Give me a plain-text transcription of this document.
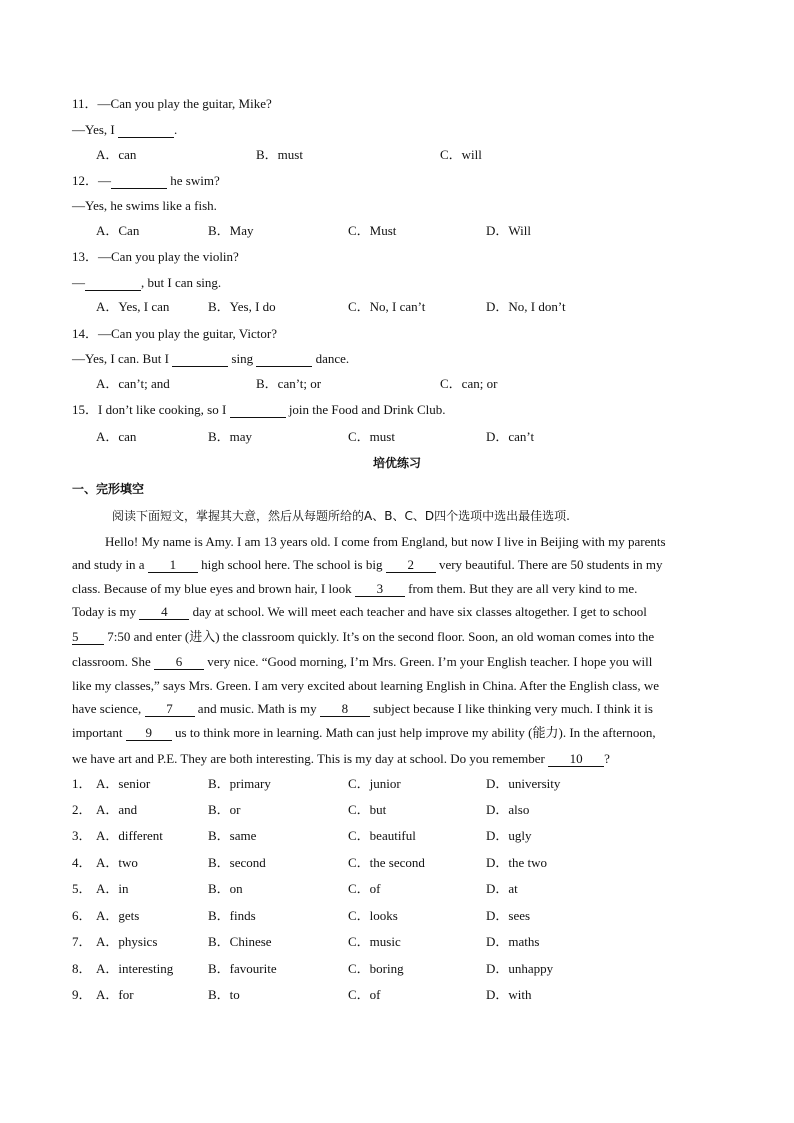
11．—Can you play the guitar, Mike?
—Yes, I	.
A．can	B．must	C．will
12．—	he swim?
—Yes, he swims like a fish.
A．Can	B．May	C．Must	D．Will
13．—Can you play the violin?
—	, but I can sing.
A．Yes, I can	B．Yes, I do	C．No, I can’t	D．No, I don’t
14．—Can you play the guitar, Victor?
—Yes, I can. But I	sing	dance.
A．can’t; and	B．can’t; or	C．can; or
15．I don’t like cooking, so I	join the Food and Drink Club.
A．can	B．may	C．must	D．can’t
培优练习
一、完形填空
阅读下面短文，掌握其大意，然后从每题所给的A、B、C、D四个选项中选出最佳选项.
Hello! My name is Amy. I am 13 years old. I come from England, but now I live in Beijing with my parents
and study in a 1 high school here. The school is big 2 very beautiful. There are 50 students in my
class. Because of my blue eyes and brown hair, I look 3 from them. But they are all very kind to me.
Today is my 4 day at school. We will meet each teacher and have six classes altogether. I get to school
5 7:50 and enter (进入) the classroom quickly. It’s on the second floor. Soon, an old woman comes into the
classroom. She 6 very nice. “Good morning, I’m Mrs. Green. I’m your English teacher. I hope you will
like my classes,” says Mrs. Green. I am very excited about learning English in China. After the English class, we
have science, 7 and music. Math is my 8 subject because I like thinking very much. I think it is
important 9 us to think more in learning. Math can just help improve my ability (能力). In the afternoon,
we have art and P.E. They are both interesting. This is my day at school. Do you remember 10 ?
1． A．senior	B．primary	C．junior	D．university
2． A．and	B．or	C．but	D．also
3． A．different	B．same	C．beautiful	D．ugly
4． A．two	B．second	C．the second	D．the two
5． A．in	B．on	C．of	D．at
6． A．gets	B．finds	C．looks	D．sees
7． A．physics	B．Chinese	C．music	D．maths
8． A．interesting	B．favourite	C．boring	D．unhappy
9． A．for	B．to	C．of	D．with
